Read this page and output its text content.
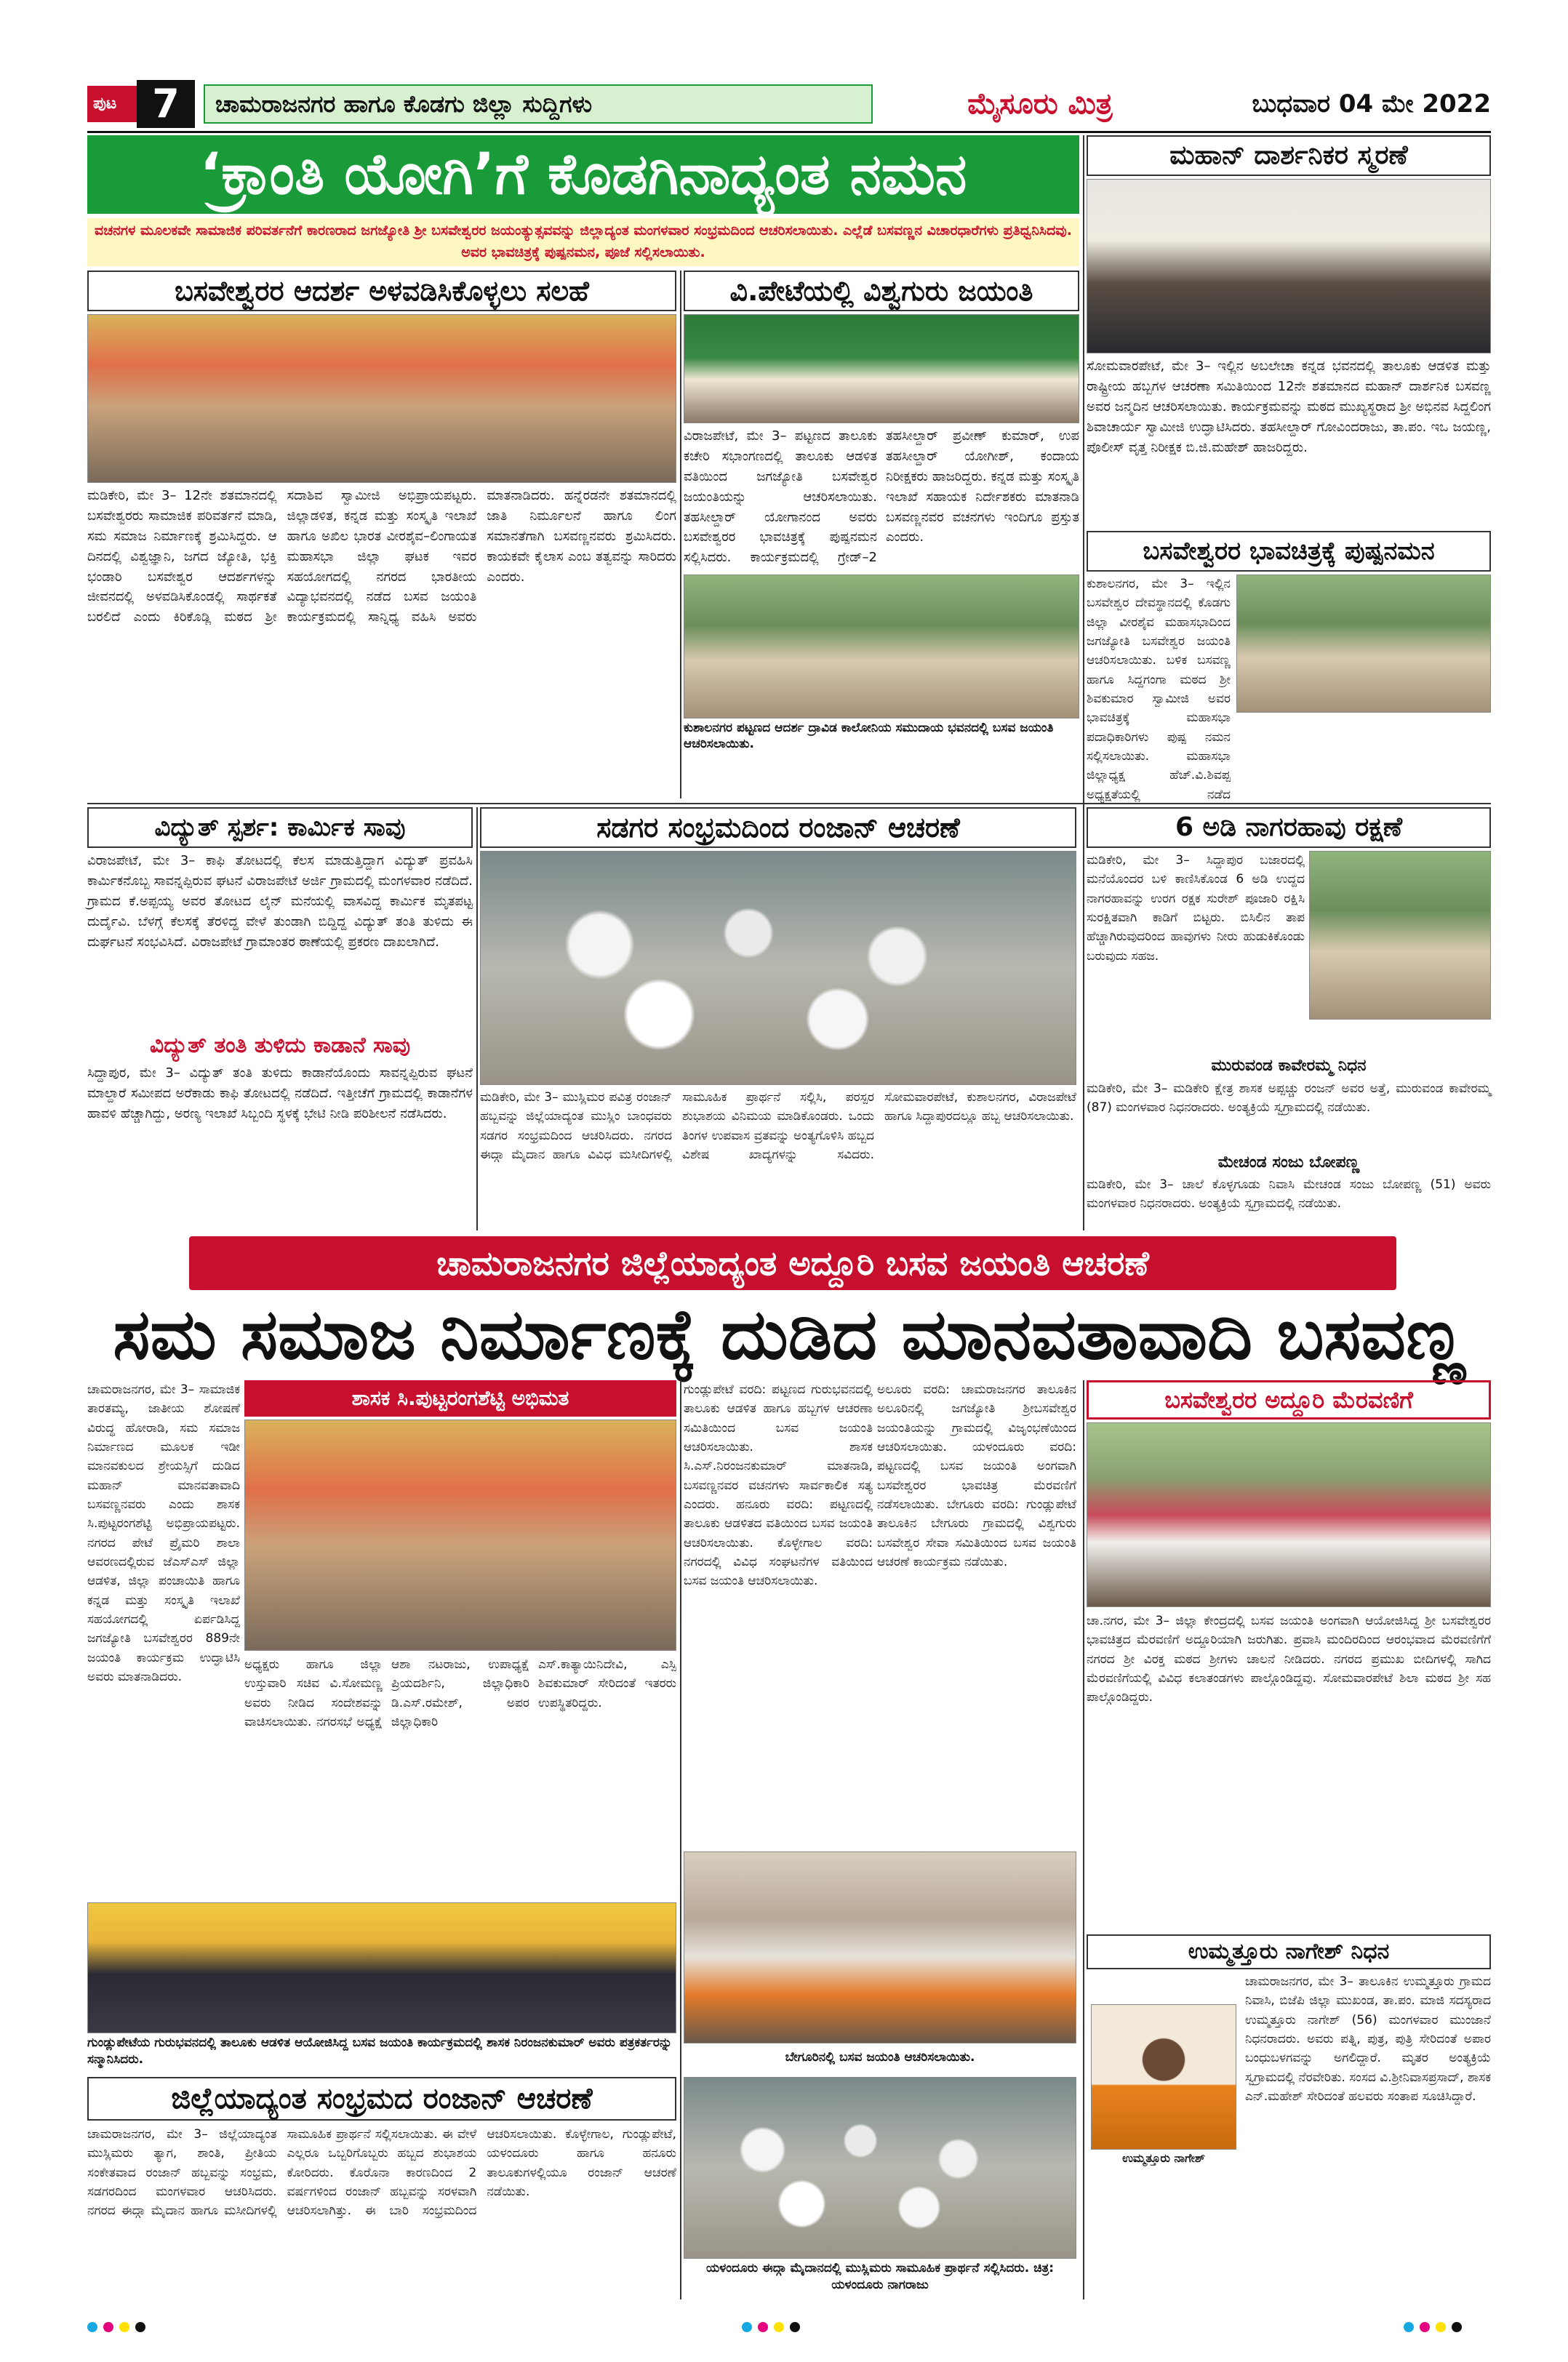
ಪುಟ 7	ಚಾಮರಾಜನಗರ ಹಾಗೂ ಕೊಡಗು ಜಿಲ್ಲಾ ಸುದ್ದಿಗಳು	ಮೈಸೂರು ಮಿತ್ರ	ಬುಧವಾರ 04 ಮೇ 2022
‘ಕ್ರಾಂತಿ ಯೋಗಿ’ಗೆ ಕೊಡಗಿನಾದ್ಯಂತ ನಮನ
ವಚನಗಳ ಮೂಲಕವೇ ಸಾಮಾಜಿಕ ಪರಿವರ್ತನೆಗೆ ಕಾರಣರಾದ ಜಗಜ್ಯೋತಿ ಶ್ರೀ ಬಸವೇಶ್ವರರ ಜಯಂತ್ಯುತ್ಸವವನ್ನು ಜಿಲ್ಲಾದ್ಯಂತ ಮಂಗಳವಾರ ಸಂಭ್ರಮದಿಂದ ಆಚರಿಸಲಾಯಿತು. ಎಲ್ಲೆಡೆ ಬಸವಣ್ಣನ ವಿಚಾರಧಾರೆಗಳು ಪ್ರತಿಧ್ವನಿಸಿದವು. ಅವರ ಭಾವಚಿತ್ರಕ್ಕೆ ಪುಷ್ಪನಮನ, ಪೂಜೆ ಸಲ್ಲಿಸಲಾಯಿತು.
ಬಸವೇಶ್ವರರ ಆದರ್ಶ ಅಳವಡಿಸಿಕೊಳ್ಳಲು ಸಲಹೆ
ಮಡಿಕೇರಿ, ಮೇ 3– 12ನೇ ಶತಮಾನದಲ್ಲಿ ಬಸವೇಶ್ವರರು ಸಾಮಾಜಿಕ ಪರಿವರ್ತನೆ ಮಾಡಿ, ಸಮ ಸಮಾಜ ನಿರ್ಮಾಣಕ್ಕೆ ಶ್ರಮಿಸಿದ್ದರು. ಆ ದಿನದಲ್ಲಿ ವಿಶ್ವಜ್ಞಾನಿ, ಜಗದ ಜ್ಯೋತಿ, ಭಕ್ತಿ ಭಂಡಾರಿ ಬಸವೇಶ್ವರ ಆದರ್ಶಗಳನ್ನು ಜೀವನದಲ್ಲಿ ಅಳವಡಿಸಿಕೊಂಡಲ್ಲಿ ಸಾರ್ಥಕತೆ ಬರಲಿದೆ ಎಂದು ಕಿರಿಕೊಡ್ಲಿ ಮಠದ ಶ್ರೀ ಸದಾಶಿವ ಸ್ವಾಮೀಜಿ ಅಭಿಪ್ರಾಯಪಟ್ಟರು. ಜಿಲ್ಲಾಡಳಿತ, ಕನ್ನಡ ಮತ್ತು ಸಂಸ್ಕೃತಿ ಇಲಾಖೆ ಹಾಗೂ ಅಖಿಲ ಭಾರತ ವೀರಶೈವ–ಲಿಂಗಾಯತ ಮಹಾಸಭಾ ಜಿಲ್ಲಾ ಘಟಕ ಇವರ ಸಹಯೋಗದಲ್ಲಿ ನಗರದ ಭಾರತೀಯ ವಿದ್ಯಾಭವನದಲ್ಲಿ ನಡೆದ ಬಸವ ಜಯಂತಿ ಕಾರ್ಯಕ್ರಮದಲ್ಲಿ ಸಾನ್ನಿಧ್ಯ ವಹಿಸಿ ಅವರು ಮಾತನಾಡಿದರು. ಹನ್ನೆರಡನೇ ಶತಮಾನದಲ್ಲಿ ಜಾತಿ ನಿರ್ಮೂಲನೆ ಹಾಗೂ ಲಿಂಗ ಸಮಾನತೆಗಾಗಿ ಬಸವಣ್ಣನವರು ಶ್ರಮಿಸಿದರು. ಕಾಯಕವೇ ಕೈಲಾಸ ಎಂಬ ತತ್ವವನ್ನು ಸಾರಿದರು ಎಂದರು.
ವಿ.ಪೇಟೆಯಲ್ಲಿ ವಿಶ್ವಗುರು ಜಯಂತಿ
ವಿರಾಜಪೇಟೆ, ಮೇ 3– ಪಟ್ಟಣದ ತಾಲೂಕು ಕಚೇರಿ ಸಭಾಂಗಣದಲ್ಲಿ ತಾಲೂಕು ಆಡಳಿತ ವತಿಯಿಂದ ಜಗಜ್ಯೋತಿ ಬಸವೇಶ್ವರ ಜಯಂತಿಯನ್ನು ಆಚರಿಸಲಾಯಿತು. ತಹಸೀಲ್ದಾರ್ ಯೋಗಾನಂದ ಅವರು ಬಸವೇಶ್ವರರ ಭಾವಚಿತ್ರಕ್ಕೆ ಪುಷ್ಪನಮನ ಸಲ್ಲಿಸಿದರು. ಕಾರ್ಯಕ್ರಮದಲ್ಲಿ ಗ್ರೇಡ್–2 ತಹಸೀಲ್ದಾರ್ ಪ್ರವೀಣ್ ಕುಮಾರ್, ಉಪ ತಹಸೀಲ್ದಾರ್ ಯೋಗೀಶ್, ಕಂದಾಯ ನಿರೀಕ್ಷಕರು ಹಾಜರಿದ್ದರು. ಕನ್ನಡ ಮತ್ತು ಸಂಸ್ಕೃತಿ ಇಲಾಖೆ ಸಹಾಯಕ ನಿರ್ದೇಶಕರು ಮಾತನಾಡಿ ಬಸವಣ್ಣನವರ ವಚನಗಳು ಇಂದಿಗೂ ಪ್ರಸ್ತುತ ಎಂದರು.
ಕುಶಾಲನಗರ ಪಟ್ಟಣದ ಆದರ್ಶ ದ್ರಾವಿಡ ಕಾಲೋನಿಯ ಸಮುದಾಯ ಭವನದಲ್ಲಿ ಬಸವ ಜಯಂತಿ ಆಚರಿಸಲಾಯಿತು.
ಮಹಾನ್ ದಾರ್ಶನಿಕರ ಸ್ಮರಣೆ
ಸೋಮವಾರಪೇಟೆ, ಮೇ 3– ಇಲ್ಲಿನ ಅಬಲೇಚಾ ಕನ್ನಡ ಭವನದಲ್ಲಿ ತಾಲೂಕು ಆಡಳಿತ ಮತ್ತು ರಾಷ್ಟ್ರೀಯ ಹಬ್ಬಗಳ ಆಚರಣಾ ಸಮಿತಿಯಿಂದ 12ನೇ ಶತಮಾನದ ಮಹಾನ್ ದಾರ್ಶನಿಕ ಬಸವಣ್ಣ ಅವರ ಜನ್ಮದಿನ ಆಚರಿಸಲಾಯಿತು. ಕಾರ್ಯಕ್ರಮವನ್ನು ಮಠದ ಮುಖ್ಯಸ್ಥರಾದ ಶ್ರೀ ಅಭಿನವ ಸಿದ್ದಲಿಂಗ ಶಿವಾಚಾರ್ಯ ಸ್ವಾಮೀಜಿ ಉದ್ಘಾಟಿಸಿದರು. ತಹಸೀಲ್ದಾರ್ ಗೋವಿಂದರಾಜು, ತಾ.ಪಂ. ಇಒ ಜಯಣ್ಣ, ಪೊಲೀಸ್ ವೃತ್ತ ನಿರೀಕ್ಷಕ ಬಿ.ಜಿ.ಮಹೇಶ್ ಹಾಜರಿದ್ದರು.
ಬಸವೇಶ್ವರರ ಭಾವಚಿತ್ರಕ್ಕೆ ಪುಷ್ಪನಮನ
ಕುಶಾಲನಗರ, ಮೇ 3– ಇಲ್ಲಿನ ಬಸವೇಶ್ವರ ದೇವಸ್ಥಾನದಲ್ಲಿ ಕೊಡಗು ಜಿಲ್ಲಾ ವೀರಶೈವ ಮಹಾಸಭಾದಿಂದ ಜಗಜ್ಯೋತಿ ಬಸವೇಶ್ವರ ಜಯಂತಿ ಆಚರಿಸಲಾಯಿತು. ಬಳಿಕ ಬಸವಣ್ಣ ಹಾಗೂ ಸಿದ್ದಗಂಗಾ ಮಠದ ಶ್ರೀ ಶಿವಕುಮಾರ ಸ್ವಾಮೀಜಿ ಅವರ ಭಾವಚಿತ್ರಕ್ಕೆ ಮಹಾಸಭಾ ಪದಾಧಿಕಾರಿಗಳು ಪುಷ್ಪ ನಮನ ಸಲ್ಲಿಸಲಾಯಿತು. ಮಹಾಸಭಾ ಜಿಲ್ಲಾಧ್ಯಕ್ಷ ಹೆಚ್.ವಿ.ಶಿವಪ್ಪ ಅಧ್ಯಕ್ಷತೆಯಲ್ಲಿ ನಡೆದ
ವಿದ್ಯುತ್ ಸ್ಪರ್ಶ: ಕಾರ್ಮಿಕ ಸಾವು
ವಿರಾಜಪೇಟೆ, ಮೇ 3– ಕಾಫಿ ತೋಟದಲ್ಲಿ ಕೆಲಸ ಮಾಡುತ್ತಿದ್ದಾಗ ವಿದ್ಯುತ್ ಪ್ರವಹಿಸಿ ಕಾರ್ಮಿಕನೊಬ್ಬ ಸಾವನ್ನಪ್ಪಿರುವ ಘಟನೆ ವಿರಾಜಪೇಟೆ ಅರ್ಜಿ ಗ್ರಾಮದಲ್ಲಿ ಮಂಗಳವಾರ ನಡೆದಿದೆ. ಗ್ರಾಮದ ಕೆ.ಅಪ್ಪಯ್ಯ ಅವರ ತೋಟದ ಲೈನ್ ಮನೆಯಲ್ಲಿ ವಾಸವಿದ್ದ ಕಾರ್ಮಿಕ ಮೃತಪಟ್ಟ ದುರ್ದೈವಿ. ಬೆಳಗ್ಗೆ ಕೆಲಸಕ್ಕೆ ತೆರಳಿದ್ದ ವೇಳೆ ತುಂಡಾಗಿ ಬಿದ್ದಿದ್ದ ವಿದ್ಯುತ್ ತಂತಿ ತುಳಿದು ಈ ದುರ್ಘಟನೆ ಸಂಭವಿಸಿದೆ. ವಿರಾಜಪೇಟೆ ಗ್ರಾಮಾಂತರ ಠಾಣೆಯಲ್ಲಿ ಪ್ರಕರಣ ದಾಖಲಾಗಿದೆ.
ವಿದ್ಯುತ್ ತಂತಿ ತುಳಿದು ಕಾಡಾನೆ ಸಾವು
ಸಿದ್ದಾಪುರ, ಮೇ 3– ವಿದ್ಯುತ್ ತಂತಿ ತುಳಿದು ಕಾಡಾನೆಯೊಂದು ಸಾವನ್ನಪ್ಪಿರುವ ಘಟನೆ ಮಾಲ್ದಾರೆ ಸಮೀಪದ ಅರೆಕಾಡು ಕಾಫಿ ತೋಟದಲ್ಲಿ ನಡೆದಿದೆ. ಇತ್ತೀಚೆಗೆ ಗ್ರಾಮದಲ್ಲಿ ಕಾಡಾನೆಗಳ ಹಾವಳಿ ಹೆಚ್ಚಾಗಿದ್ದು, ಅರಣ್ಯ ಇಲಾಖೆ ಸಿಬ್ಬಂದಿ ಸ್ಥಳಕ್ಕೆ ಭೇಟಿ ನೀಡಿ ಪರಿಶೀಲನೆ ನಡೆಸಿದರು.
ಸಡಗರ ಸಂಭ್ರಮದಿಂದ ರಂಜಾನ್ ಆಚರಣೆ
ಮಡಿಕೇರಿ, ಮೇ 3– ಮುಸ್ಲಿಮರ ಪವಿತ್ರ ರಂಜಾನ್ ಹಬ್ಬವನ್ನು ಜಿಲ್ಲೆಯಾದ್ಯಂತ ಮುಸ್ಲಿಂ ಬಾಂಧವರು ಸಡಗರ ಸಂಭ್ರಮದಿಂದ ಆಚರಿಸಿದರು. ನಗರದ ಈದ್ಗಾ ಮೈದಾನ ಹಾಗೂ ವಿವಿಧ ಮಸೀದಿಗಳಲ್ಲಿ ಸಾಮೂಹಿಕ ಪ್ರಾರ್ಥನೆ ಸಲ್ಲಿಸಿ, ಪರಸ್ಪರ ಶುಭಾಶಯ ವಿನಿಮಯ ಮಾಡಿಕೊಂಡರು. ಒಂದು ತಿಂಗಳ ಉಪವಾಸ ವ್ರತವನ್ನು ಅಂತ್ಯಗೊಳಿಸಿ ಹಬ್ಬದ ವಿಶೇಷ ಖಾದ್ಯಗಳನ್ನು ಸವಿದರು. ಸೋಮವಾರಪೇಟೆ, ಕುಶಾಲನಗರ, ವಿರಾಜಪೇಟೆ ಹಾಗೂ ಸಿದ್ದಾಪುರದಲ್ಲೂ ಹಬ್ಬ ಆಚರಿಸಲಾಯಿತು.
6 ಅಡಿ ನಾಗರಹಾವು ರಕ್ಷಣೆ
ಮಡಿಕೇರಿ, ಮೇ 3– ಸಿದ್ದಾಪುರ ಬಜಾರದಲ್ಲಿ ಮನೆಯೊಂದರ ಬಳಿ ಕಾಣಿಸಿಕೊಂಡ 6 ಅಡಿ ಉದ್ದದ ನಾಗರಹಾವನ್ನು ಉರಗ ರಕ್ಷಕ ಸುರೇಶ್ ಪೂಜಾರಿ ರಕ್ಷಿಸಿ ಸುರಕ್ಷಿತವಾಗಿ ಕಾಡಿಗೆ ಬಿಟ್ಟರು. ಬಿಸಿಲಿನ ತಾಪ ಹೆಚ್ಚಾಗಿರುವುದರಿಂದ ಹಾವುಗಳು ನೀರು ಹುಡುಕಿಕೊಂಡು ಬರುವುದು ಸಹಜ.
ಮುರುವಂಡ ಕಾವೇರಮ್ಮ ನಿಧನ
ಮಡಿಕೇರಿ, ಮೇ 3– ಮಡಿಕೇರಿ ಕ್ಷೇತ್ರ ಶಾಸಕ ಅಪ್ಪಚ್ಚು ರಂಜನ್ ಅವರ ಅತ್ತೆ, ಮುರುವಂಡ ಕಾವೇರಮ್ಮ (87) ಮಂಗಳವಾರ ನಿಧನರಾದರು. ಅಂತ್ಯಕ್ರಿಯೆ ಸ್ವಗ್ರಾಮದಲ್ಲಿ ನಡೆಯಿತು.
ಮೇಚಂಡ ಸಂಜು ಬೋಪಣ್ಣ
ಮಡಿಕೇರಿ, ಮೇ 3– ಚಾಲೆ ಕೊಳ್ಳಗೂಡು ನಿವಾಸಿ ಮೇಚಂಡ ಸಂಜು ಬೋಪಣ್ಣ (51) ಅವರು ಮಂಗಳವಾರ ನಿಧನರಾದರು. ಅಂತ್ಯಕ್ರಿಯೆ ಸ್ವಗ್ರಾಮದಲ್ಲಿ ನಡೆಯಿತು.
ಚಾಮರಾಜನಗರ ಜಿಲ್ಲೆಯಾದ್ಯಂತ ಅದ್ದೂರಿ ಬಸವ ಜಯಂತಿ ಆಚರಣೆ
ಸಮ ಸಮಾಜ ನಿರ್ಮಾಣಕ್ಕೆ ದುಡಿದ ಮಾನವತಾವಾದಿ ಬಸವಣ್ಣ
ಚಾಮರಾಜನಗರ, ಮೇ 3– ಸಾಮಾಜಿಕ ತಾರತಮ್ಯ, ಜಾತೀಯ ಶೋಷಣೆ ವಿರುದ್ಧ ಹೋರಾಡಿ, ಸಮ ಸಮಾಜ ನಿರ್ಮಾಣದ ಮೂಲಕ ಇಡೀ ಮಾನವಕುಲದ ಶ್ರೇಯಸ್ಸಿಗೆ ದುಡಿದ ಮಹಾನ್ ಮಾನವತಾವಾದಿ ಬಸವಣ್ಣನವರು ಎಂದು ಶಾಸಕ ಸಿ.ಪುಟ್ಟರಂಗಶೆಟ್ಟಿ ಅಭಿಪ್ರಾಯಪಟ್ಟರು. ನಗರದ ಪೇಟೆ ಪ್ರೈಮರಿ ಶಾಲಾ ಆವರಣದಲ್ಲಿರುವ ಜೆಎಸ್ಎಸ್ ಜಿಲ್ಲಾ ಆಡಳಿತ, ಜಿಲ್ಲಾ ಪಂಚಾಯಿತಿ ಹಾಗೂ ಕನ್ನಡ ಮತ್ತು ಸಂಸ್ಕೃತಿ ಇಲಾಖೆ ಸಹಯೋಗದಲ್ಲಿ ಏರ್ಪಡಿಸಿದ್ದ ಜಗಜ್ಯೋತಿ ಬಸವೇಶ್ವರರ 889ನೇ ಜಯಂತಿ ಕಾರ್ಯಕ್ರಮ ಉದ್ಘಾಟಿಸಿ ಅವರು ಮಾತನಾಡಿದರು.
ಶಾಸಕ ಸಿ.ಪುಟ್ಟರಂಗಶೆಟ್ಟಿ ಅಭಿಮತ
ಅಧ್ಯಕ್ಷರು ಹಾಗೂ ಜಿಲ್ಲಾ ಉಸ್ತುವಾರಿ ಸಚಿವ ವಿ.ಸೋಮಣ್ಣ ಅವರು ನೀಡಿದ ಸಂದೇಶವನ್ನು ವಾಚಿಸಲಾಯಿತು. ನಗರಸಭೆ ಅಧ್ಯಕ್ಷೆ ಆಶಾ ನಟರಾಜು, ಉಪಾಧ್ಯಕ್ಷೆ ಪ್ರಿಯದರ್ಶಿನಿ, ಜಿಲ್ಲಾಧಿಕಾರಿ ಡಿ.ಎಸ್.ರಮೇಶ್, ಅಪರ ಜಿಲ್ಲಾಧಿಕಾರಿ ಎಸ್.ಕಾತ್ಯಾಯಿನಿದೇವಿ, ಎಸ್ಪಿ ಶಿವಕುಮಾರ್ ಸೇರಿದಂತೆ ಇತರರು ಉಪಸ್ಥಿತರಿದ್ದರು.
ಗುಂಡ್ಲುಪೇಟೆಯ ಗುರುಭವನದಲ್ಲಿ ತಾಲೂಕು ಆಡಳಿತ ಆಯೋಜಿಸಿದ್ದ ಬಸವ ಜಯಂತಿ ಕಾರ್ಯಕ್ರಮದಲ್ಲಿ ಶಾಸಕ ನಿರಂಜನಕುಮಾರ್ ಅವರು ಪತ್ರಕರ್ತರನ್ನು ಸನ್ಮಾನಿಸಿದರು.
ಗುಂಡ್ಲುಪೇಟೆ ವರದಿ: ಪಟ್ಟಣದ ಗುರುಭವನದಲ್ಲಿ ತಾಲೂಕು ಆಡಳಿತ ಹಾಗೂ ಹಬ್ಬಗಳ ಆಚರಣಾ ಸಮಿತಿಯಿಂದ ಬಸವ ಜಯಂತಿ ಆಚರಿಸಲಾಯಿತು. ಶಾಸಕ ಸಿ.ಎಸ್.ನಿರಂಜನಕುಮಾರ್ ಮಾತನಾಡಿ, ಬಸವಣ್ಣನವರ ವಚನಗಳು ಸಾರ್ವಕಾಲಿಕ ಸತ್ಯ ಎಂದರು. ಹನೂರು ವರದಿ: ಪಟ್ಟಣದಲ್ಲಿ ತಾಲೂಕು ಆಡಳಿತದ ವತಿಯಿಂದ ಬಸವ ಜಯಂತಿ ಆಚರಿಸಲಾಯಿತು. ಕೊಳ್ಳೇಗಾಲ ವರದಿ: ನಗರದಲ್ಲಿ ವಿವಿಧ ಸಂಘಟನೆಗಳ ವತಿಯಿಂದ ಬಸವ ಜಯಂತಿ ಆಚರಿಸಲಾಯಿತು.
ಅಲೂರು ವರದಿ: ಚಾಮರಾಜನಗರ ತಾಲೂಕಿನ ಅಲೂರಿನಲ್ಲಿ ಜಗಜ್ಯೋತಿ ಶ್ರೀಬಸವೇಶ್ವರ ಜಯಂತಿಯನ್ನು ಗ್ರಾಮದಲ್ಲಿ ವಿಜೃಂಭಣೆಯಿಂದ ಆಚರಿಸಲಾಯಿತು. ಯಳಂದೂರು ವರದಿ: ಪಟ್ಟಣದಲ್ಲಿ ಬಸವ ಜಯಂತಿ ಅಂಗವಾಗಿ ಬಸವೇಶ್ವರರ ಭಾವಚಿತ್ರ ಮೆರವಣಿಗೆ ನಡೆಸಲಾಯಿತು. ಬೇಗೂರು ವರದಿ: ಗುಂಡ್ಲುಪೇಟೆ ತಾಲೂಕಿನ ಬೇಗೂರು ಗ್ರಾಮದಲ್ಲಿ ವಿಶ್ವಗುರು ಬಸವೇಶ್ವರ ಸೇವಾ ಸಮಿತಿಯಿಂದ ಬಸವ ಜಯಂತಿ ಆಚರಣೆ ಕಾರ್ಯಕ್ರಮ ನಡೆಯಿತು.
ಬೇಗೂರಿನಲ್ಲಿ ಬಸವ ಜಯಂತಿ ಆಚರಿಸಲಾಯಿತು.
ಬಸವೇಶ್ವರರ ಅದ್ದೂರಿ ಮೆರವಣಿಗೆ
ಚಾ.ನಗರ, ಮೇ 3– ಜಿಲ್ಲಾ ಕೇಂದ್ರದಲ್ಲಿ ಬಸವ ಜಯಂತಿ ಅಂಗವಾಗಿ ಆಯೋಜಿಸಿದ್ದ ಶ್ರೀ ಬಸವೇಶ್ವರರ ಭಾವಚಿತ್ರದ ಮೆರವಣಿಗೆ ಅದ್ದೂರಿಯಾಗಿ ಜರುಗಿತು. ಪ್ರವಾಸಿ ಮಂದಿರದಿಂದ ಆರಂಭವಾದ ಮೆರವಣಿಗೆಗೆ ನಗರದ ಶ್ರೀ ವಿರಕ್ತ ಮಠದ ಶ್ರೀಗಳು ಚಾಲನೆ ನೀಡಿದರು. ನಗರದ ಪ್ರಮುಖ ಬೀದಿಗಳಲ್ಲಿ ಸಾಗಿದ ಮೆರವಣಿಗೆಯಲ್ಲಿ ವಿವಿಧ ಕಲಾತಂಡಗಳು ಪಾಲ್ಗೊಂಡಿದ್ದವು. ಸೋಮವಾರಪೇಟೆ ಶಿಲಾ ಮಠದ ಶ್ರೀ ಸಹ ಪಾಲ್ಗೊಂಡಿದ್ದರು.
ಉಮ್ಮತ್ತೂರು ನಾಗೇಶ್ ನಿಧನ
ಉಮ್ಮತ್ತೂರು ನಾಗೇಶ್
ಚಾಮರಾಜನಗರ, ಮೇ 3– ತಾಲೂಕಿನ ಉಮ್ಮತ್ತೂರು ಗ್ರಾಮದ ನಿವಾಸಿ, ಬಿಜೆಪಿ ಜಿಲ್ಲಾ ಮುಖಂಡ, ತಾ.ಪಂ. ಮಾಜಿ ಸದಸ್ಯರಾದ ಉಮ್ಮತ್ತೂರು ನಾಗೇಶ್ (56) ಮಂಗಳವಾರ ಮುಂಜಾನೆ ನಿಧನರಾದರು. ಅವರು ಪತ್ನಿ, ಪುತ್ರ, ಪುತ್ರಿ ಸೇರಿದಂತೆ ಅಪಾರ ಬಂಧುಬಳಗವನ್ನು ಅಗಲಿದ್ದಾರೆ. ಮೃತರ ಅಂತ್ಯಕ್ರಿಯೆ ಸ್ವಗ್ರಾಮದಲ್ಲಿ ನೆರವೇರಿತು. ಸಂಸದ ವಿ.ಶ್ರೀನಿವಾಸಪ್ರಸಾದ್, ಶಾಸಕ ಎನ್.ಮಹೇಶ್ ಸೇರಿದಂತೆ ಹಲವರು ಸಂತಾಪ ಸೂಚಿಸಿದ್ದಾರೆ.
ಜಿಲ್ಲೆಯಾದ್ಯಂತ ಸಂಭ್ರಮದ ರಂಜಾನ್ ಆಚರಣೆ
ಚಾಮರಾಜನಗರ, ಮೇ 3– ಜಿಲ್ಲೆಯಾದ್ಯಂತ ಮುಸ್ಲಿಮರು ತ್ಯಾಗ, ಶಾಂತಿ, ಪ್ರೀತಿಯ ಸಂಕೇತವಾದ ರಂಜಾನ್ ಹಬ್ಬವನ್ನು ಸಂಭ್ರಮ, ಸಡಗರದಿಂದ ಮಂಗಳವಾರ ಆಚರಿಸಿದರು. ನಗರದ ಈದ್ಗಾ ಮೈದಾನ ಹಾಗೂ ಮಸೀದಿಗಳಲ್ಲಿ ಸಾಮೂಹಿಕ ಪ್ರಾರ್ಥನೆ ಸಲ್ಲಿಸಲಾಯಿತು. ಈ ವೇಳೆ ಎಲ್ಲರೂ ಒಬ್ಬರಿಗೊಬ್ಬರು ಹಬ್ಬದ ಶುಭಾಶಯ ಕೋರಿದರು. ಕೊರೊನಾ ಕಾರಣದಿಂದ 2 ವರ್ಷಗಳಿಂದ ರಂಜಾನ್ ಹಬ್ಬವನ್ನು ಸರಳವಾಗಿ ಆಚರಿಸಲಾಗಿತ್ತು. ಈ ಬಾರಿ ಸಂಭ್ರಮದಿಂದ ಆಚರಿಸಲಾಯಿತು. ಕೊಳ್ಳೇಗಾಲ, ಗುಂಡ್ಲುಪೇಟೆ, ಯಳಂದೂರು ಹಾಗೂ ಹನೂರು ತಾಲೂಕುಗಳಲ್ಲಿಯೂ ರಂಜಾನ್ ಆಚರಣೆ ನಡೆಯಿತು.
ಯಳಂದೂರು ಈದ್ಗಾ ಮೈದಾನದಲ್ಲಿ ಮುಸ್ಲಿಮರು ಸಾಮೂಹಿಕ ಪ್ರಾರ್ಥನೆ ಸಲ್ಲಿಸಿದರು. ಚಿತ್ರ: ಯಳಂದೂರು ನಾಗರಾಜು
